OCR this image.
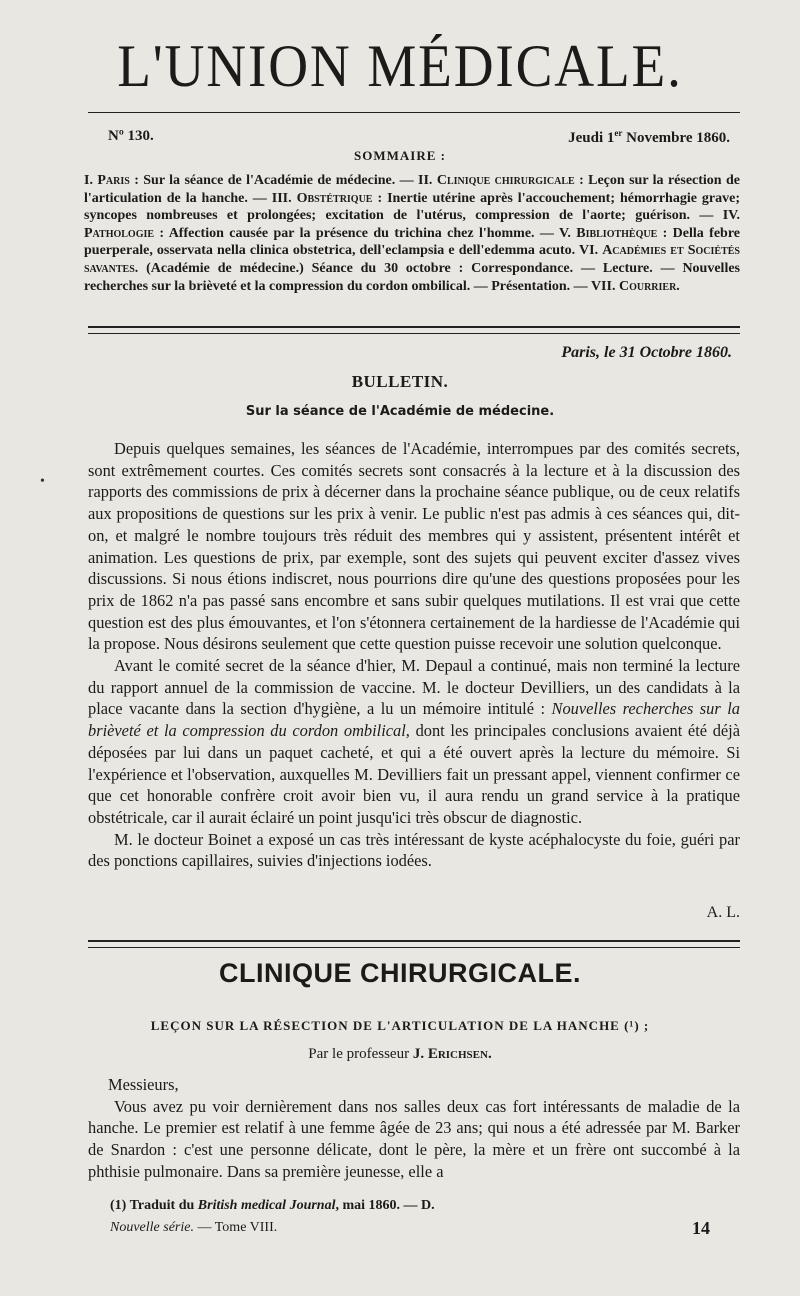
L'UNION MÉDICALE.
Nº 130.	Jeudi 1er Novembre 1860.
SOMMAIRE :
I. Paris : Sur la séance de l'Académie de médecine. — II. Clinique chirurgicale : Leçon sur la résection de l'articulation de la hanche. — III. Obstétrique : Inertie utérine après l'accouchement; hémorrhagie grave; syncopes nombreuses et prolongées; excitation de l'utérus, compression de l'aorte; guérison. — IV. Pathologie : Affection causée par la présence du trichina chez l'homme. — V. Bibliothèque : Della febre puerperale, osservata nella clinica obstetrica, dell'eclampsia e dell'edemma acuto. VI. Académies et Sociétés savantes. (Académie de médecine.) Séance du 30 octobre : Correspondance. — Lecture. — Nouvelles recherches sur la brièveté et la compression du cordon ombilical. — Présentation. — VII. Courrier.
Paris, le 31 Octobre 1860.
BULLETIN.
Sur la séance de l'Académie de médecine.
•

Depuis quelques semaines, les séances de l'Académie, interrompues par des comités secrets, sont extrêmement courtes. Ces comités secrets sont consacrés à la lecture et à la discussion des rapports des commissions de prix à décerner dans la prochaine séance publique, ou de ceux relatifs aux propositions de questions sur les prix à venir. Le public n'est pas admis à ces séances qui, dit-on, et malgré le nombre toujours très réduit des membres qui y assistent, présentent intérêt et animation. Les questions de prix, par exemple, sont des sujets qui peuvent exciter d'assez vives discussions. Si nous étions indiscret, nous pourrions dire qu'une des questions proposées pour les prix de 1862 n'a pas passé sans encombre et sans subir quelques mutilations. Il est vrai que cette question est des plus émouvantes, et l'on s'étonnera certainement de la hardiesse de l'Académie qui la propose. Nous désirons seulement que cette question puisse recevoir une solution quelconque.

Avant le comité secret de la séance d'hier, M. Depaul a continué, mais non terminé la lecture du rapport annuel de la commission de vaccine. M. le docteur Devilliers, un des candidats à la place vacante dans la section d'hygiène, a lu un mémoire intitulé : Nouvelles recherches sur la brièveté et la compression du cordon ombilical, dont les principales conclusions avaient été déjà déposées par lui dans un paquet cacheté, et qui a été ouvert après la lecture du mémoire. Si l'expérience et l'observation, auxquelles M. Devilliers fait un pressant appel, viennent confirmer ce que cet honorable confrère croit avoir bien vu, il aura rendu un grand service à la pratique obstétricale, car il aurait éclairé un point jusqu'ici très obscur de diagnostic.

M. le docteur Boinet a exposé un cas très intéressant de kyste acéphalocyste du foie, guéri par des ponctions capillaires, suivies d'injections iodées.

A. L.
CLINIQUE CHIRURGICALE.
LEÇON SUR LA RÉSECTION DE L'ARTICULATION DE LA HANCHE (¹) ;
Par le professeur J. Erichsen.
Messieurs,

Vous avez pu voir dernièrement dans nos salles deux cas fort intéressants de maladie de la hanche. Le premier est relatif à une femme âgée de 23 ans; qui nous a été adressée par M. Barker de Snardon : c'est une personne délicate, dont le père, la mère et un frère ont succombé à la phthisie pulmonaire. Dans sa première jeunesse, elle a

(1) Traduit du British medical Journal, mai 1860. — D.
Nouvelle série. — Tome VIII.	14
